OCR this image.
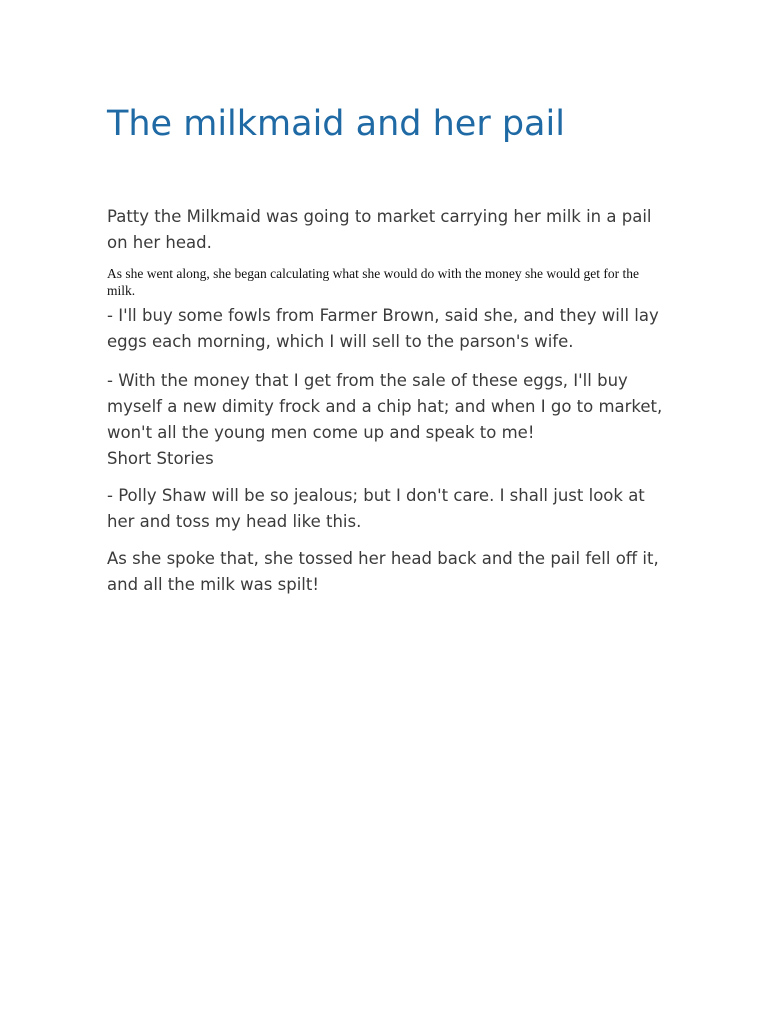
The milkmaid and her pail

Patty the Milkmaid was going to market carrying her milk in a pail on her head.

As she went along, she began calculating what she would do with the money she would get for the milk.

- I'll buy some fowls from Farmer Brown, said she, and they will lay eggs each morning, which I will sell to the parson's wife.

- With the money that I get from the sale of these eggs, I'll buy myself a new dimity frock and a chip hat; and when I go to market, won't all the young men come up and speak to me!
Short Stories

- Polly Shaw will be so jealous; but I don't care. I shall just look at her and toss my head like this.

As she spoke that, she tossed her head back and the pail fell off it, and all the milk was spilt!
